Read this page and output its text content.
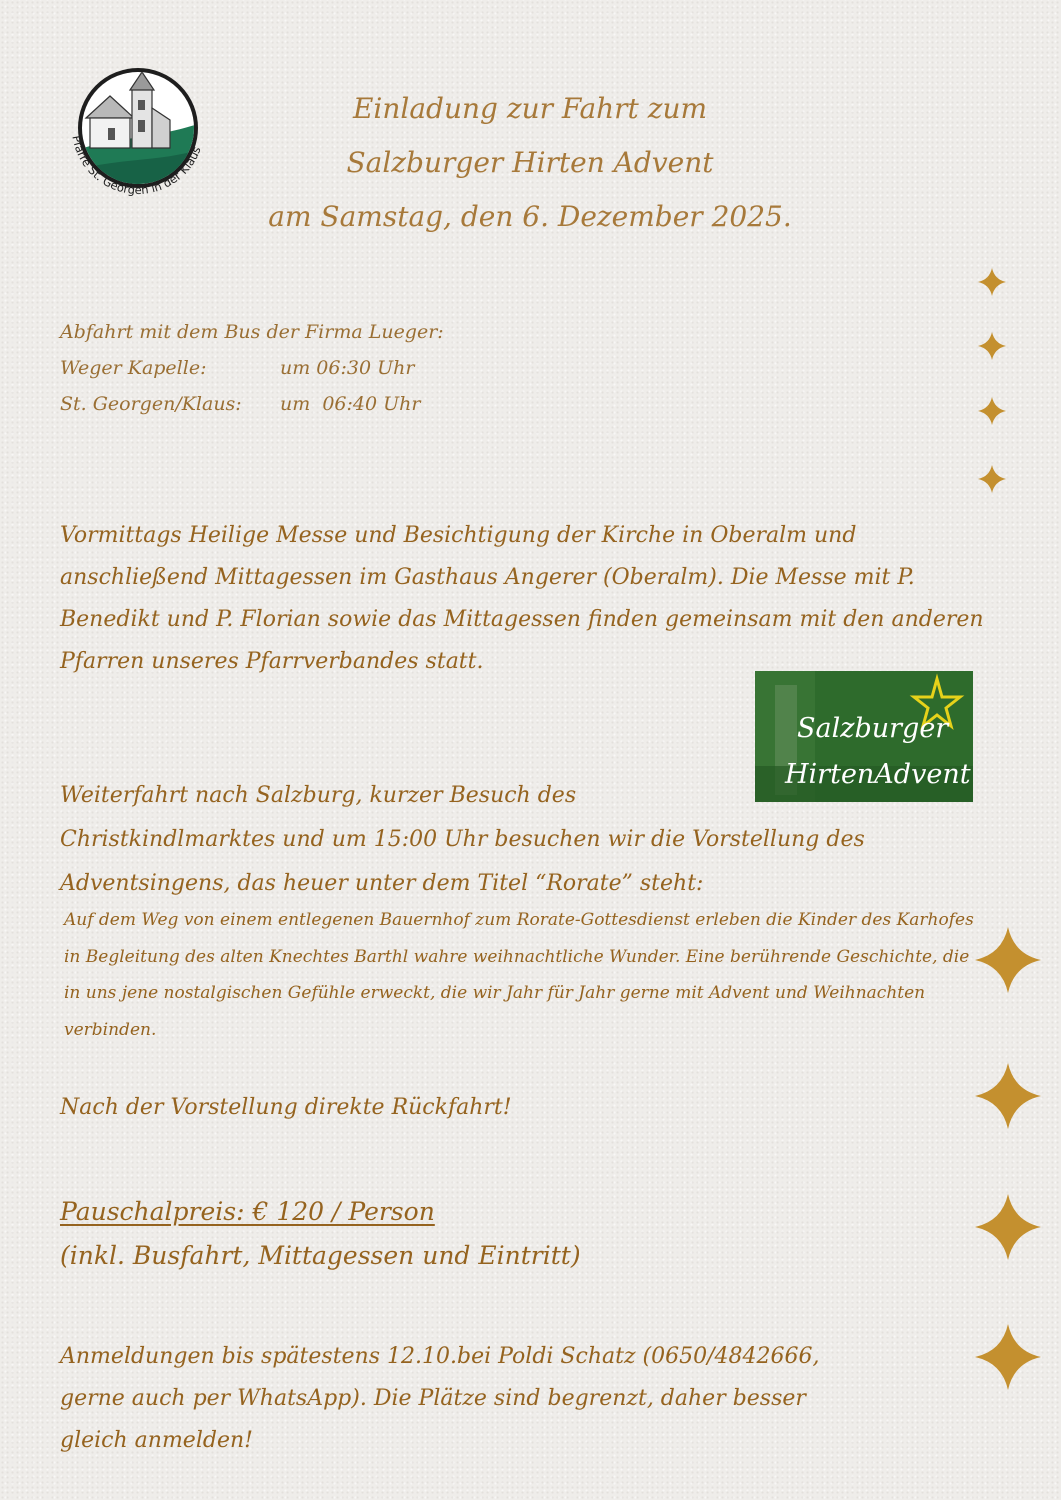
Pfarre St. Georgen in der Klaus
Einladung zur Fahrt zum
Salzburger Hirten Advent
am Samstag, den 6. Dezember 2025.
Abfahrt mit dem Bus der Firma Lueger:
Weger Kapelle:	um 06:30 Uhr
St. Georgen/Klaus:	um  06:40 Uhr
Vormittags Heilige Messe und Besichtigung der Kirche in Oberalm und anschließend Mittagessen im Gasthaus Angerer (Oberalm). Die Messe mit P. Benedikt und P. Florian sowie das Mittagessen finden gemeinsam mit den anderen Pfarren unseres Pfarrverbandes statt.
Salzburger
HirtenAdvent
Weiterfahrt nach Salzburg, kurzer Besuch des
Christkindlmarktes und um 15:00 Uhr besuchen wir die Vorstellung des Adventsingens, das heuer unter dem Titel “Rorate” steht:
Auf dem Weg von einem entlegenen Bauernhof zum Rorate-Gottesdienst erleben die Kinder des Karhofes in Begleitung des alten Knechtes Barthl wahre weihnachtliche Wunder. Eine berührende Geschichte, die in uns jene nostalgischen Gefühle erweckt, die wir Jahr für Jahr gerne mit Advent und Weihnachten verbinden.
Nach der Vorstellung direkte Rückfahrt!
Pauschalpreis: € 120 / Person
(inkl. Busfahrt, Mittagessen und Eintritt)
Anmeldungen bis spätestens 12.10.bei Poldi Schatz (0650/4842666,
gerne auch per WhatsApp). Die Plätze sind begrenzt, daher besser
gleich anmelden!
